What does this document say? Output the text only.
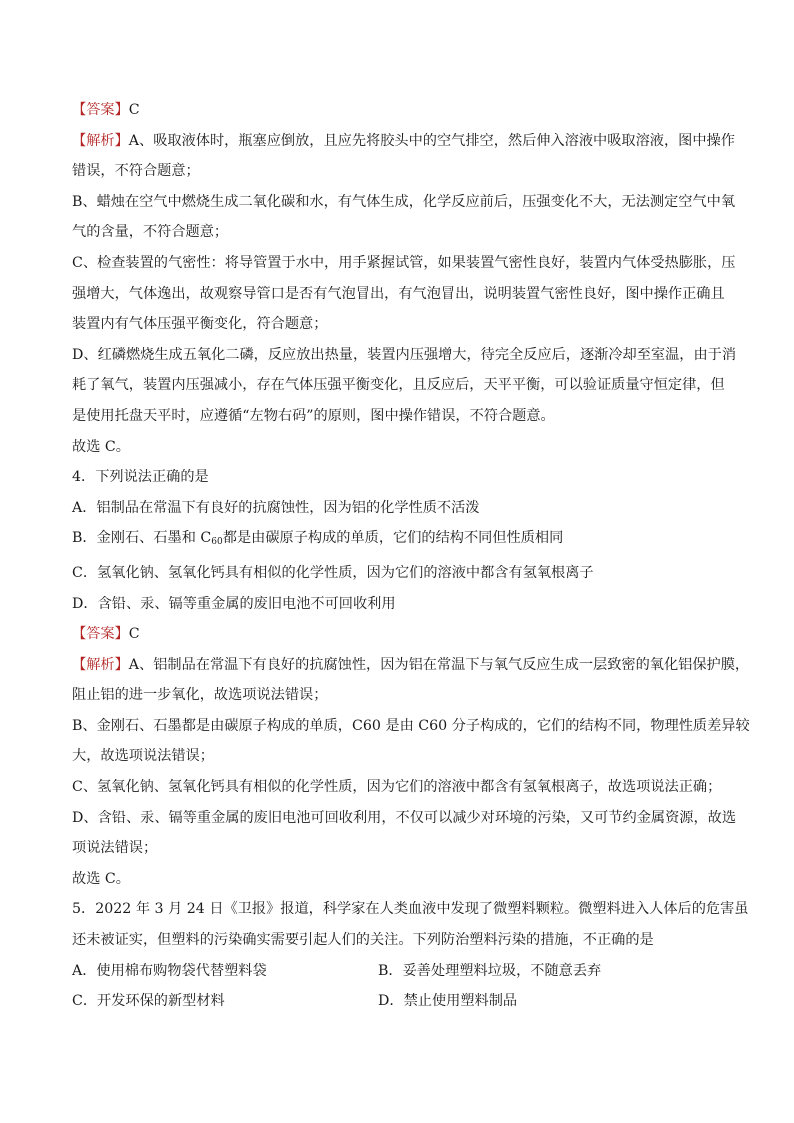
【答案】C
【解析】A、吸取液体时，瓶塞应倒放，且应先将胶头中的空气排空，然后伸入溶液中吸取溶液，图中操作
错误，不符合题意；
B、蜡烛在空气中燃烧生成二氧化碳和水，有气体生成，化学反应前后，压强变化不大，无法测定空气中氧
气的含量，不符合题意；
C、检查装置的气密性：将导管置于水中，用手紧握试管，如果装置气密性良好，装置内气体受热膨胀，压
强增大，气体逸出，故观察导管口是否有气泡冒出，有气泡冒出，说明装置气密性良好，图中操作正确且
装置内有气体压强平衡变化，符合题意；
D、红磷燃烧生成五氧化二磷，反应放出热量，装置内压强增大，待完全反应后，逐渐冷却至室温，由于消
耗了氧气，装置内压强减小，存在气体压强平衡变化，且反应后，天平平衡，可以验证质量守恒定律，但
是使用托盘天平时，应遵循“左物右码”的原则，图中操作错误，不符合题意。
故选 C。
4．下列说法正确的是
A．铝制品在常温下有良好的抗腐蚀性，因为铝的化学性质不活泼
B．金刚石、石墨和 $C_{60}$都是由碳原子构成的单质，它们的结构不同但性质相同
C．氢氧化钠、氢氧化钙具有相似的化学性质，因为它们的溶液中都含有氢氧根离子
D．含铅、汞、镉等重金属的废旧电池不可回收利用
【答案】C
【解析】A、铝制品在常温下有良好的抗腐蚀性，因为铝在常温下与氧气反应生成一层致密的氧化铝保护膜，
阻止铝的进一步氧化，故选项说法错误；
B、金刚石、石墨都是由碳原子构成的单质，C60 是由 C60 分子构成的，它们的结构不同，物理性质差异较
大，故选项说法错误；
C、氢氧化钠、氢氧化钙具有相似的化学性质，因为它们的溶液中都含有氢氧根离子，故选项说法正确；
D、含铅、汞、镉等重金属的废旧电池可回收利用，不仅可以减少对环境的污染，又可节约金属资源，故选
项说法错误；
故选 C。
5．2022 年 3 月 24 日《卫报》报道，科学家在人类血液中发现了微塑料颗粒。微塑料进入人体后的危害虽
还未被证实，但塑料的污染确实需要引起人们的关注。下列防治塑料污染的措施，不正确的是
A．使用棉布购物袋代替塑料袋	B．妥善处理塑料垃圾，不随意丢弃
C．开发环保的新型材料	D．禁止使用塑料制品
